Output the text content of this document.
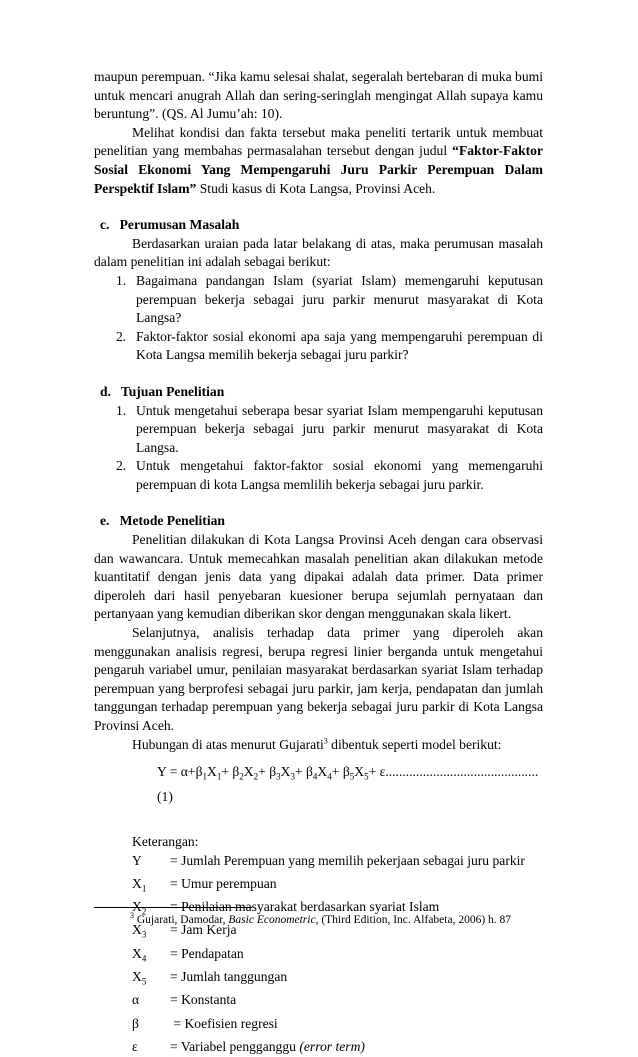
maupun perempuan. “Jika kamu selesai shalat, segeralah bertebaran di muka bumi untuk mencari anugrah Allah dan sering-seringlah mengingat Allah supaya kamu beruntung”. (QS. Al Jumu’ah: 10).

Melihat kondisi dan fakta tersebut maka peneliti tertarik untuk membuat penelitian yang membahas permasalahan tersebut dengan judul “Faktor-Faktor Sosial Ekonomi Yang Mempengaruhi Juru Parkir Perempuan Dalam Perspektif Islam” Studi kasus di Kota Langsa, Provinsi Aceh.

c.   Perumusan Masalah

Berdasarkan uraian pada latar belakang di atas, maka perumusan masalah dalam penelitian ini adalah sebagai berikut:

1. Bagaimana pandangan Islam (syariat Islam) memengaruhi keputusan perempuan bekerja sebagai juru parkir menurut masyarakat di Kota Langsa?
2. Faktor-faktor sosial ekonomi apa saja yang mempengaruhi perempuan di Kota Langsa memilih bekerja sebagai juru parkir?
d.   Tujuan Penelitian
1. Untuk mengetahui seberapa besar syariat Islam mempengaruhi keputusan perempuan bekerja sebagai juru parkir menurut masyarakat di Kota Langsa.
2. Untuk mengetahui faktor-faktor sosial ekonomi yang memengaruhi perempuan di kota Langsa memlilih bekerja sebagai juru parkir.
e.   Metode Penelitian

Penelitian dilakukan di Kota Langsa Provinsi Aceh dengan cara observasi dan wawancara. Untuk memecahkan masalah penelitian akan dilakukan metode kuantitatif dengan jenis data yang dipakai adalah data primer. Data primer diperoleh dari hasil penyebaran kuesioner berupa sejumlah pernyataan dan pertanyaan yang kemudian diberikan skor dengan menggunakan skala likert.

Selanjutnya, analisis terhadap data primer yang diperoleh akan menggunakan analisis regresi, berupa regresi linier berganda untuk mengetahui pengaruh variabel umur, penilaian masyarakat berdasarkan syariat Islam terhadap perempuan yang berprofesi sebagai juru parkir, jam kerja, pendapatan dan jumlah tanggungan terhadap perempuan yang bekerja sebagai juru parkir di Kota Langsa Provinsi Aceh.

Hubungan di atas menurut Gujarati$^3$ dibentuk seperti model berikut:

$Y = \alpha+\beta_1X_1+ \beta_2X_2+ \beta_3X_3+ \beta_4X_4+ \beta_5X_5+ \varepsilon$............................................. (1)
Keterangan:
Y	= Jumlah Perempuan yang memilih pekerjaan sebagai juru parkir
$X_1$	= Umur perempuan
$X_2$	= Penilaian masyarakat berdasarkan syariat Islam
$X_3$	= Jam Kerja
$X_4$	= Pendapatan
$X_5$	= Jumlah tanggungan
α	= Konstanta
β	= Koefisien regresi
ε	= Variabel pengganggu (error term)
$^3$ Gujarati, Damodar, Basic Econometric, (Third Edition, Inc. Alfabeta, 2006) h. 87
